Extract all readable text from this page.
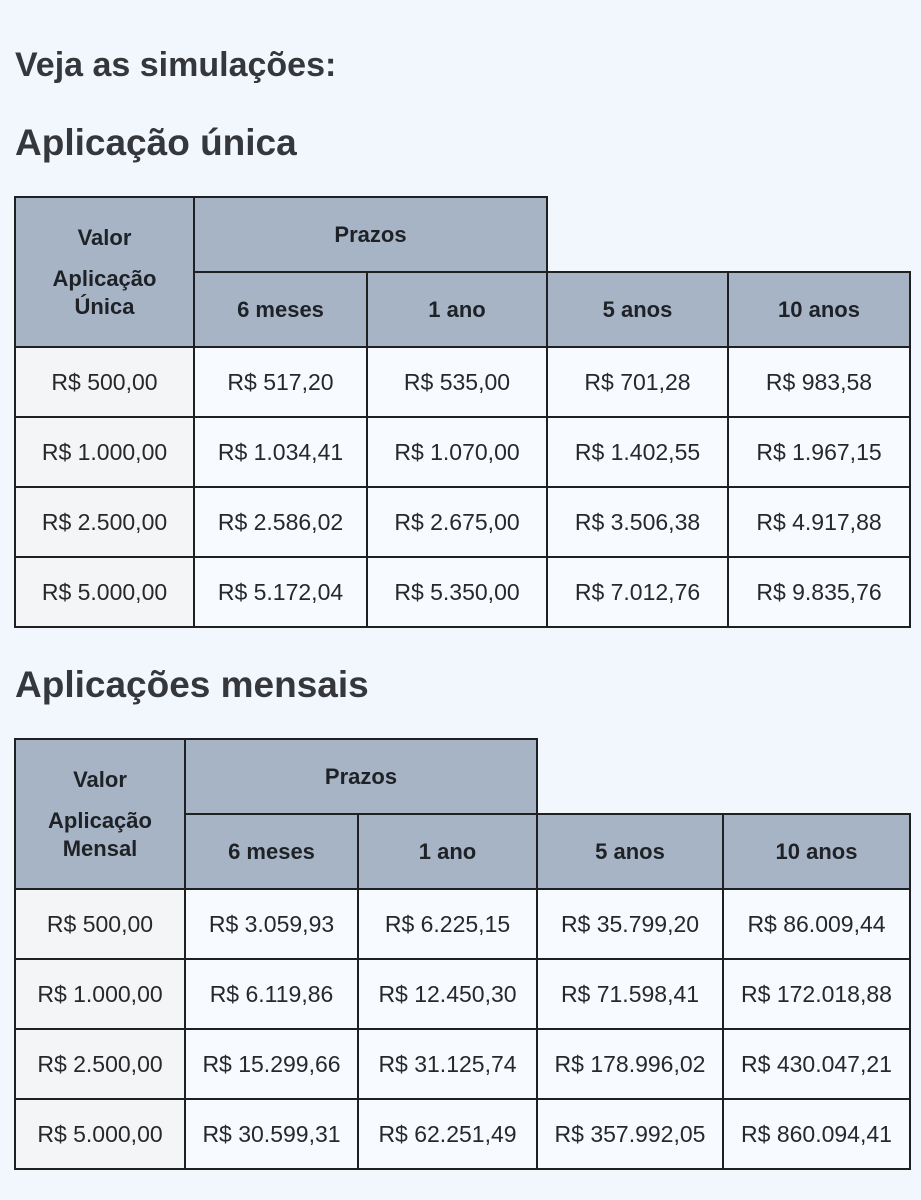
Veja as simulações:
Aplicação única
Valor
Aplicação
Única	Prazos			
	6 meses	1 ano	5 anos	10 anos
R$ 500,00	R$ 517,20	R$ 535,00	R$ 701,28	R$ 983,58
R$ 1.000,00	R$ 1.034,41	R$ 1.070,00	R$ 1.402,55	R$ 1.967,15
R$ 2.500,00	R$ 2.586,02	R$ 2.675,00	R$ 3.506,38	R$ 4.917,88
R$ 5.000,00	R$ 5.172,04	R$ 5.350,00	R$ 7.012,76	R$ 9.835,76
Aplicações mensais
Valor
Aplicação
Mensal	Prazos			
	6 meses	1 ano	5 anos	10 anos
R$ 500,00	R$ 3.059,93	R$ 6.225,15	R$ 35.799,20	R$ 86.009,44
R$ 1.000,00	R$ 6.119,86	R$ 12.450,30	R$ 71.598,41	R$ 172.018,88
R$ 2.500,00	R$ 15.299,66	R$ 31.125,74	R$ 178.996,02	R$ 430.047,21
R$ 5.000,00	R$ 30.599,31	R$ 62.251,49	R$ 357.992,05	R$ 860.094,41
